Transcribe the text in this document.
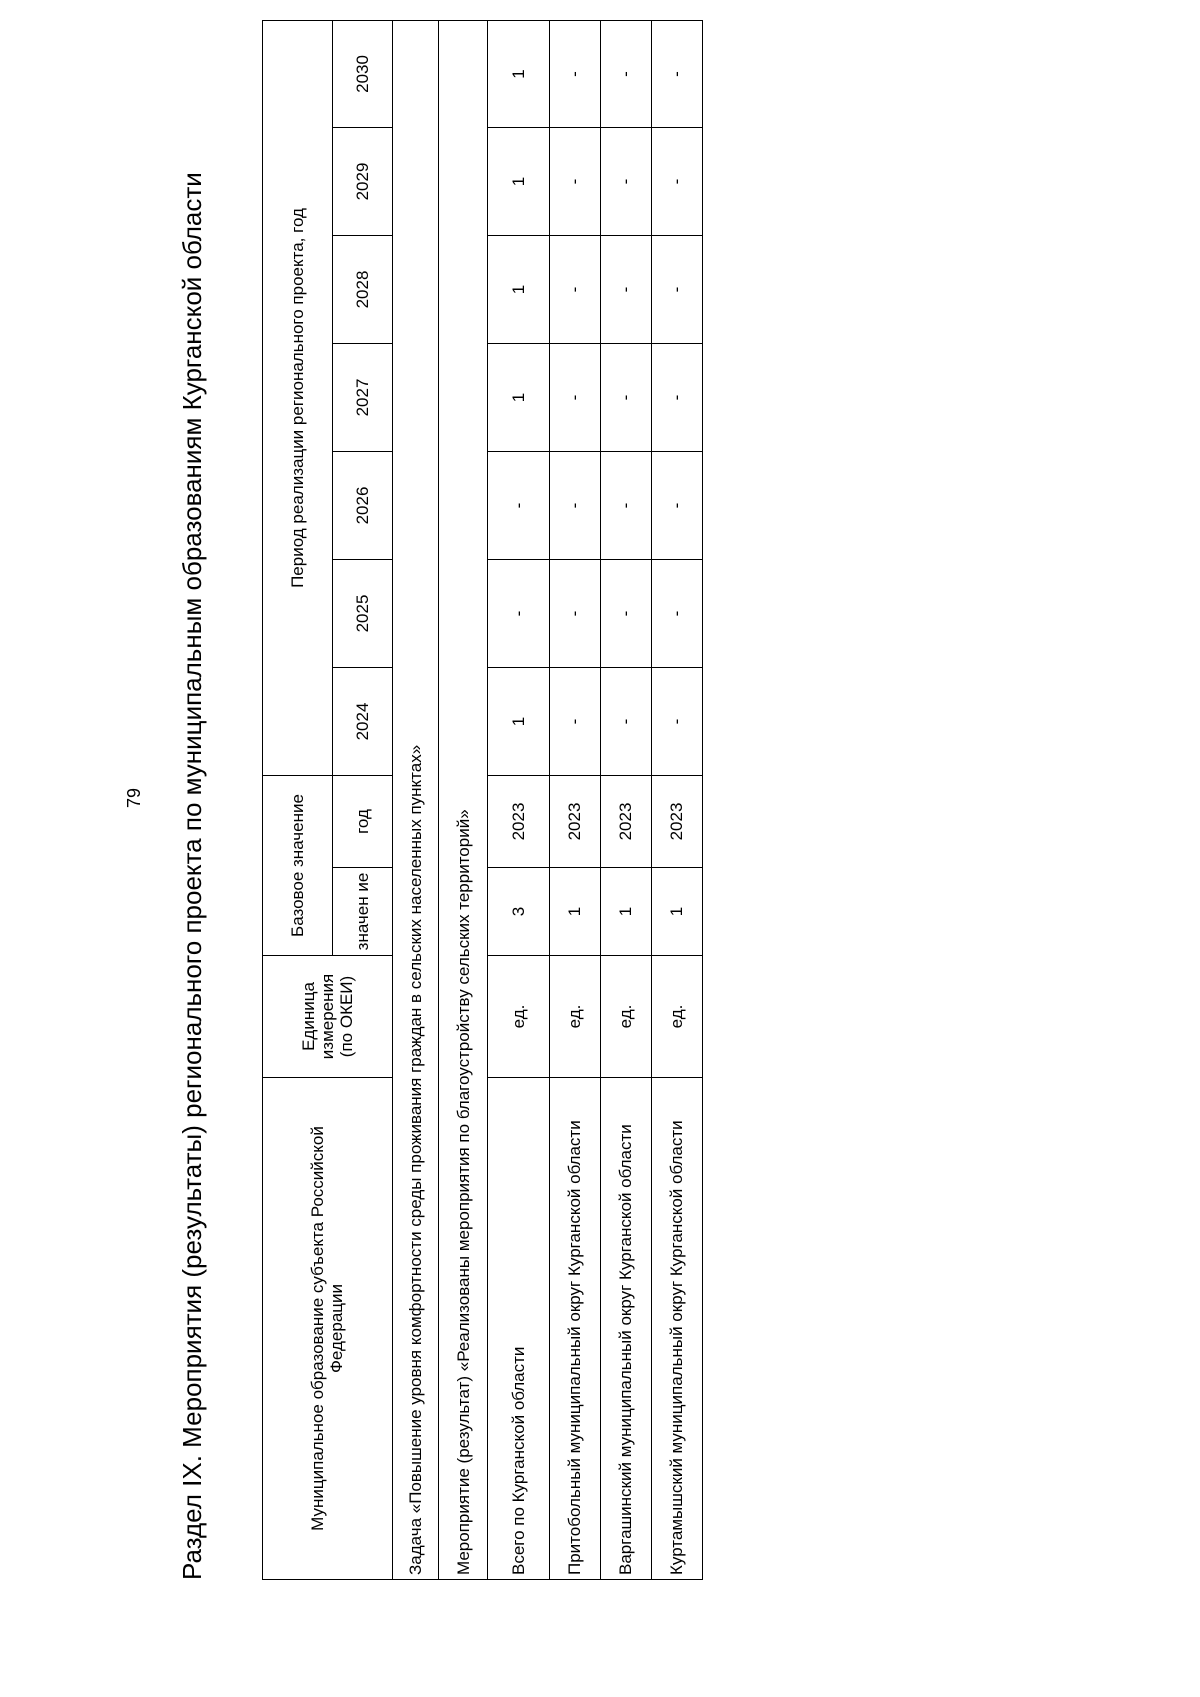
79 Раздел IX. Мероприятия (результаты) регионального проекта по муниципальным образованиям Курганской области	Муниципальное образование субъекта Российской Федерации	Единица измерения (по ОКЕИ)	Базовое значение		Период реализации регионального проекта, год						
		значен ие	год	2024	2025	2026	2027	2028	2029	2030
Задача «Повышение уровня комфортности среды проживания граждан в сельских населенных пунктах»										
Мероприятие (результат) «Реализованы мероприятия по благоустройству сельских территорий»										
Всего по Курганской области	ед.	3	2023	1	-	-	1	1	1	1
Притобольный муниципальный округ Курганской области	ед.	1	2023	-	-	-	-	-	-	-
Варгашинский муниципальный округ Курганской области	ед.	1	2023	-	-	-	-	-	-	-
Куртамышский муниципальный округ Курганской области	ед.	1	2023	-	-	-	-	-	-	-
